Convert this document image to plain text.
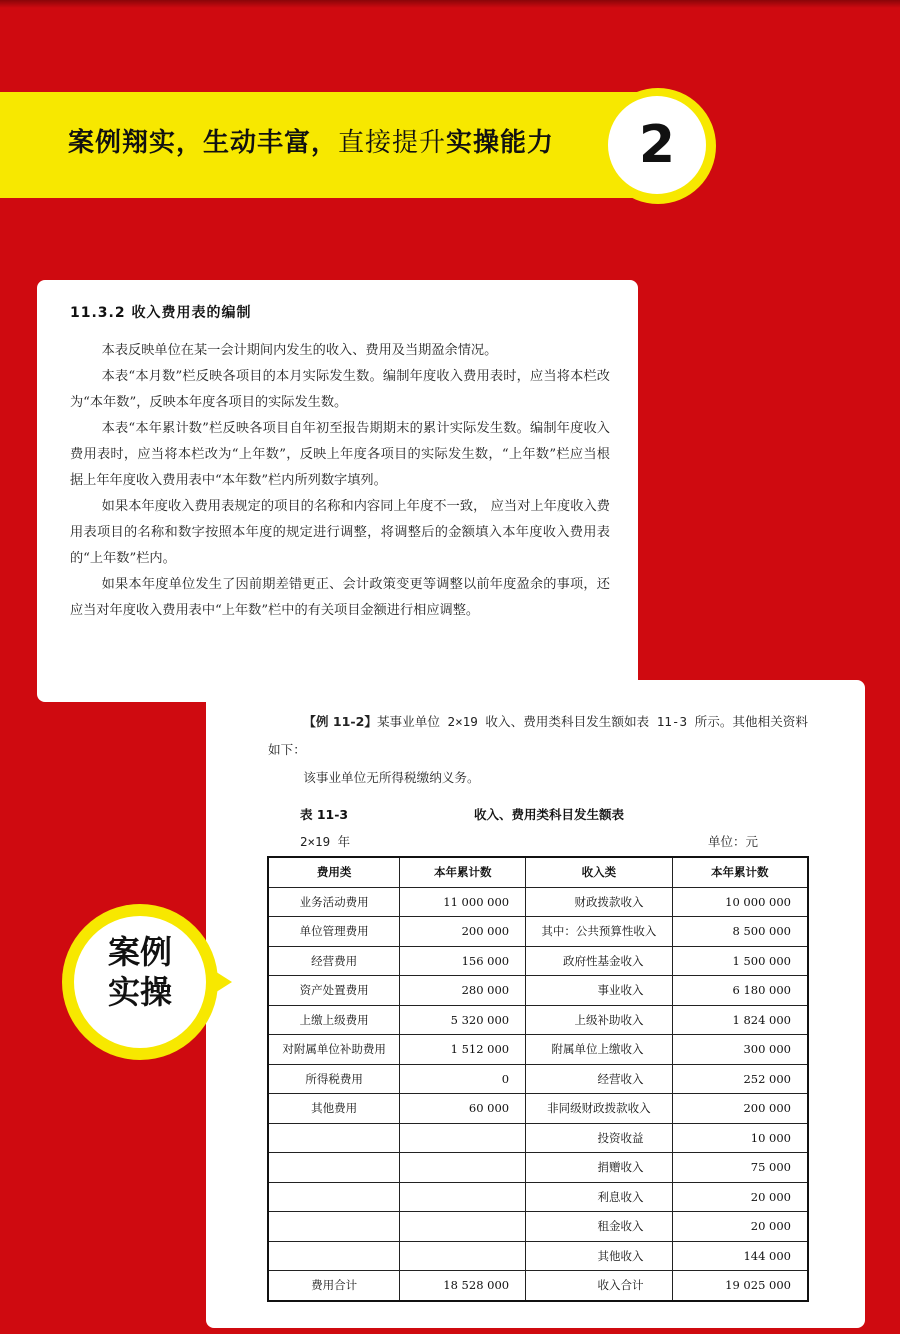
案例翔实，生动丰富，直接提升实操能力	2
11.3.2 收入费用表的编制

本表反映单位在某一会计期间内发生的收入、费用及当期盈余情况。

本表“本月数”栏反映各项目的本月实际发生数。编制年度收入费用表时，应当将本栏改为“本年数”，反映本年度各项目的实际发生数。

本表“本年累计数”栏反映各项目自年初至报告期期末的累计实际发生数。编制年度收入费用表时，应当将本栏改为“上年数”，反映上年度各项目的实际发生数，“上年数”栏应当根据上年年度收入费用表中“本年数”栏内所列数字填列。

如果本年度收入费用表规定的项目的名称和内容同上年度不一致， 应当对上年度收入费用表项目的名称和数字按照本年度的规定进行调整，将调整后的金额填入本年度收入费用表的“上年数”栏内。

如果本年度单位发生了因前期差错更正、会计政策变更等调整以前年度盈余的事项，还应当对年度收入费用表中“上年数”栏中的有关项目金额进行相应调整。

【例 11-2】某事业单位 2×19 收入、费用类科目发生额如表 11-3 所示。其他相关资料如下：

该事业单位无所得税缴纳义务。

表 11-3	收入、费用类科目发生额表
2×19 年	单位：元
费用类	本年累计数	收入类	本年累计数
业务活动费用	11 000 000	财政拨款收入	10 000 000
单位管理费用	200 000	其中：公共预算性收入	8 500 000
经营费用	156 000	政府性基金收入	1 500 000
资产处置费用	280 000	事业收入	6 180 000
上缴上级费用	5 320 000	上级补助收入	1 824 000
对附属单位补助费用	1 512 000	附属单位上缴收入	300 000
所得税费用	0	经营收入	252 000
其他费用	60 000	非同级财政拨款收入	200 000
		投资收益	10 000
		捐赠收入	75 000
		利息收入	20 000
		租金收入	20 000
		其他收入	144 000
费用合计	18 528 000	收入合计	19 025 000
案例
实操
